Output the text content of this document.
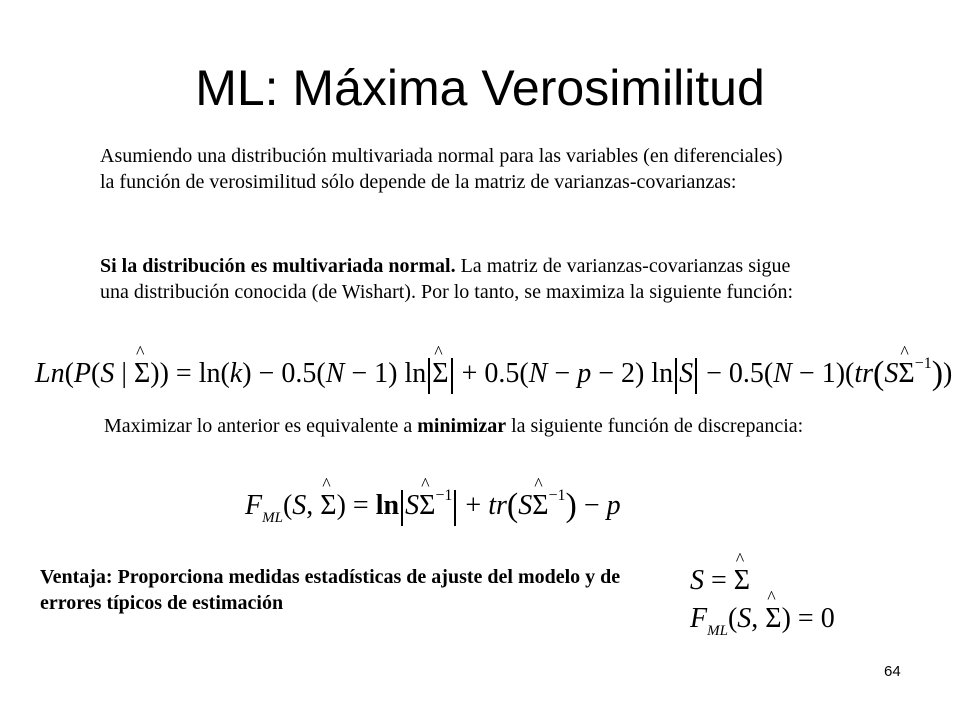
ML: Máxima Verosimilitud
Asumiendo una distribución multivariada normal para las variables (en diferenciales) la función de verosimilitud sólo depende de la matriz de varianzas-covarianzas:
Si la distribución es multivariada normal. La matriz de varianzas-covarianzas sigue una distribución conocida (de Wishart). Por lo tanto, se maximiza la siguiente función:
Ln(P(S | ^ Σ)) = ln(k) − 0.5(N − 1) ln^ Σ + 0.5(N − p − 2) ln S − 0.5(N − 1)(tr(S^ $\Sigma^{-1}$))
Maximizar lo anterior es equivalente a minimizar la siguiente función de discrepancia:
$F_{ML}(S$, ^ Σ) = ln S^ $\Sigma^{-1}$ + tr(S^ $\Sigma^{-1}) - p$
Ventaja: Proporciona medidas estadísticas de ajuste del modelo y de errores típicos de estimación
S = ^ Σ
$F_{ML}(S$, ^ Σ) = 0
64
